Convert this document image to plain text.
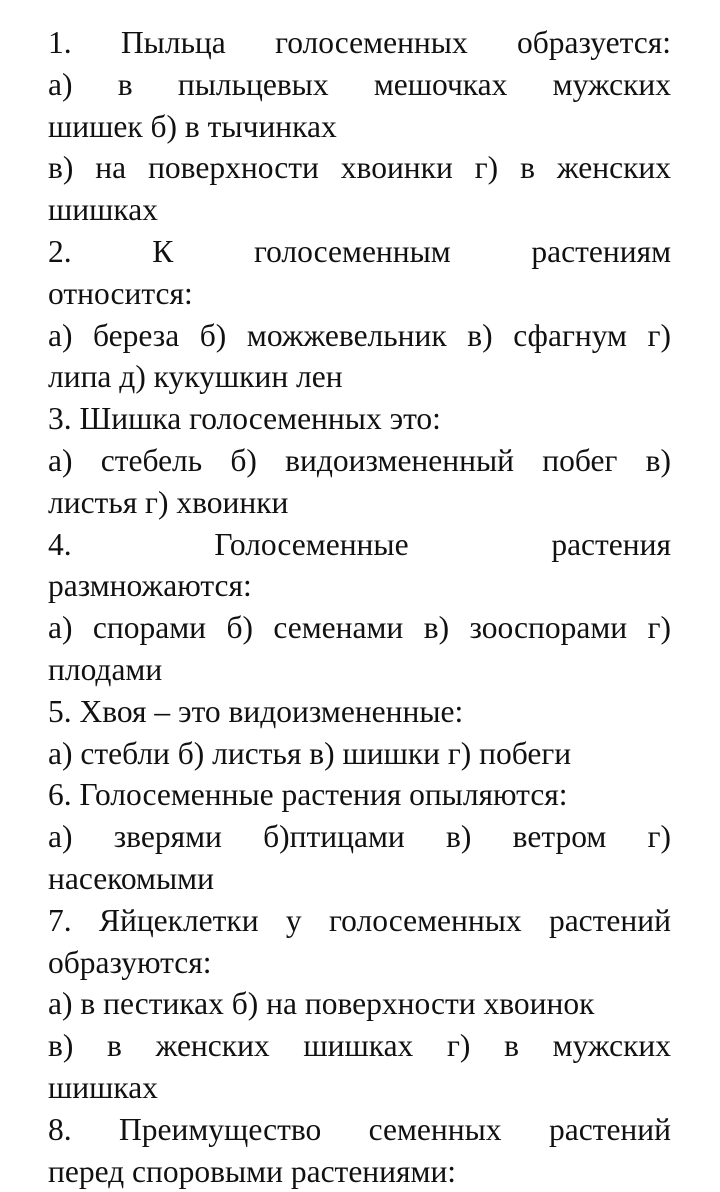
1. Пыльца голосеменных образуется:
а) в пыльцевых мешочках мужских
шишек б) в тычинках
в) на поверхности хвоинки г) в женских
шишках
2. К голосеменным растениям
относится:
а) береза б) можжевельник в) сфагнум г)
липа д) кукушкин лен
3. Шишка голосеменных это:
а) стебель б) видоизмененный побег в)
листья г) хвоинки
4. Голосеменные растения
размножаются:
а) спорами б) семенами в) зооспорами г)
плодами
5. Хвоя – это видоизмененные:
а) стебли б) листья в) шишки г) побеги
6. Голосеменные растения опыляются:
а) зверями б)птицами в) ветром г)
насекомыми
7. Яйцеклетки у голосеменных растений
образуются:
а) в пестиках б) на поверхности хвоинок
в) в женских шишках г) в мужских
шишках
8. Преимущество семенных растений
перед споровыми растениями:
